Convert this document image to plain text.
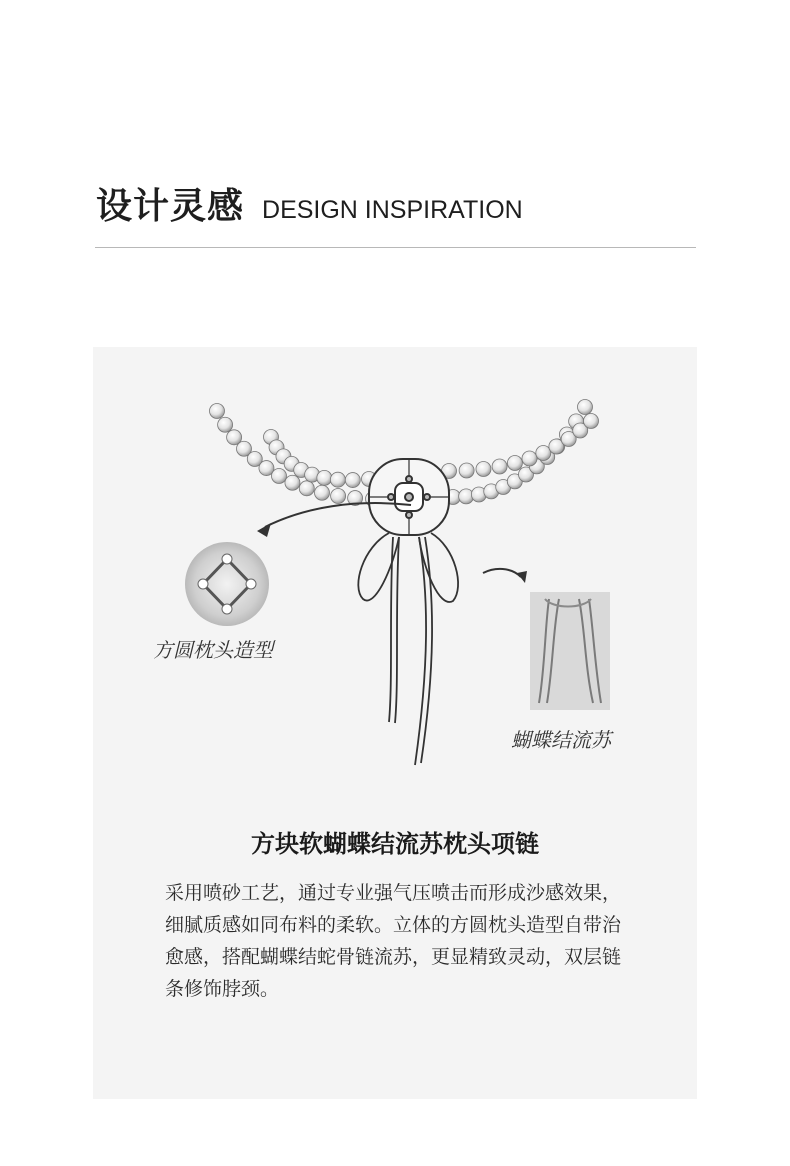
设计灵感 DESIGN INSPIRATION
方圆枕头造型
蝴蝶结流苏
方块软蝴蝶结流苏枕头项链
采用喷砂工艺，通过专业强气压喷击而形成沙感效果，细腻质感如同布料的柔软。立体的方圆枕头造型自带治愈感，搭配蝴蝶结蛇骨链流苏，更显精致灵动，双层链条修饰脖颈。
